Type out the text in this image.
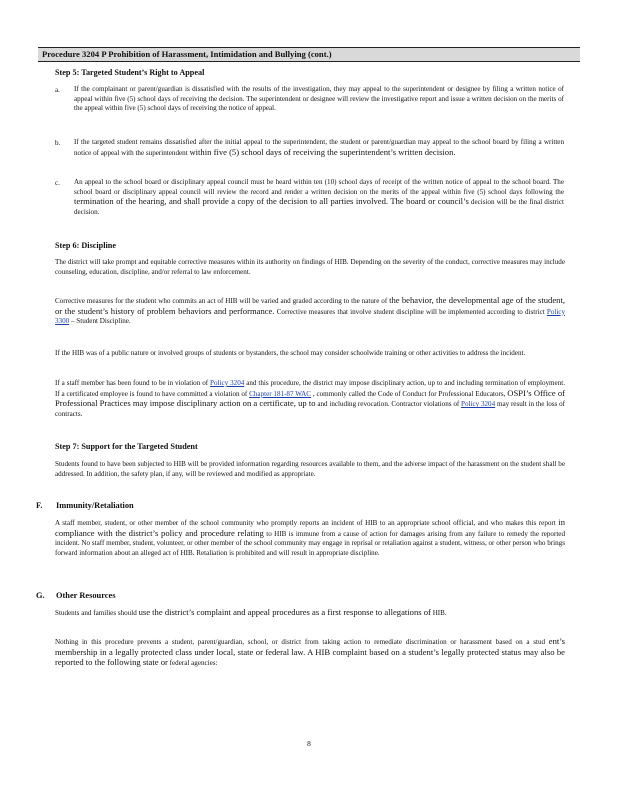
Procedure 3204 P Prohibition of Harassment, Intimidation and Bullying (cont.)
Step 5: Targeted Student’s Right to Appeal
a. If the complainant or parent/guardian is dissatisfied with the results of the investigation, they may appeal to the superintendent or designee by filing a written notice of appeal within five (5) school days of receiving the decision. The superintendent or designee will review the investigative report and issue a written decision on the merits of the appeal within five (5) school days of receiving the notice of appeal.
b. If the targeted student remains dissatisfied after the initial appeal to the superintendent, the student or parent/guardian may appeal to the school board by filing a written notice of appeal with the superintendent within five (5) school days of receiving the superintendent’s written decision.
c. An appeal to the school board or disciplinary appeal council must be heard within ten (10) school days of receipt of the written notice of appeal to the school board. The school board or disciplinary appeal council will review the record and render a written decision on the merits of the appeal within five (5) school days following the termination of the hearing, and shall provide a copy of the decision to all parties involved. The board or council’s decision will be the final district decision.
Step 6: Discipline
The district will take prompt and equitable corrective measures within its authority on findings of HIB. Depending on the severity of the conduct, corrective measures may include counseling, education, discipline, and/or referral to law enforcement.
Corrective measures for the student who commits an act of HIB will be varied and graded according to the nature of the behavior, the developmental age of the student, or the student’s history of problem behaviors and performance. Corrective measures that involve student discipline will be implemented according to district Policy 3300 – Student Discipline.
If the HIB was of a public nature or involved groups of students or bystanders, the school may consider schoolwide training or other activities to address the incident.
If a staff member has been found to be in violation of Policy 3204 and this procedure, the district may impose disciplinary action, up to and including termination of employment. If a certificated employee is found to have committed a violation of Chapter 181-87 WAC , commonly called the Code of Conduct for Professional Educators, OSPI’s Office of Professional Practices may impose disciplinary action on a certificate, up to and including revocation. Contractor violations of Policy 3204 may result in the loss of contracts.
Step 7: Support for the Targeted Student
Students found to have been subjected to HIB will be provided information regarding resources available to them, and the adverse impact of the harassment on the student shall be addressed. In addition, the safety plan, if any, will be reviewed and modified as appropriate.
F. Immunity/Retaliation
A staff member, student, or other member of the school community who promptly reports an incident of HIB to an appropriate school official, and who makes this report in compliance with the district’s policy and procedure relating to HIB is immune from a cause of action for damages arising from any failure to remedy the reported incident. No staff member, student, volunteer, or other member of the school community may engage in reprisal or retaliation against a student, witness, or other person who brings forward information about an alleged act of HIB. Retaliation is prohibited and will result in appropriate discipline.
G. Other Resources
Students and families should use the district’s complaint and appeal procedures as a first response to allegations of HIB.
Nothing in this procedure prevents a student, parent/guardian, school, or district from taking action to remediate discrimination or harassment based on a stud ent’s membership in a legally protected class under local, state or federal law. A HIB complaint based on a student’s legally protected status may also be reported to the following state or federal agencies:
8
